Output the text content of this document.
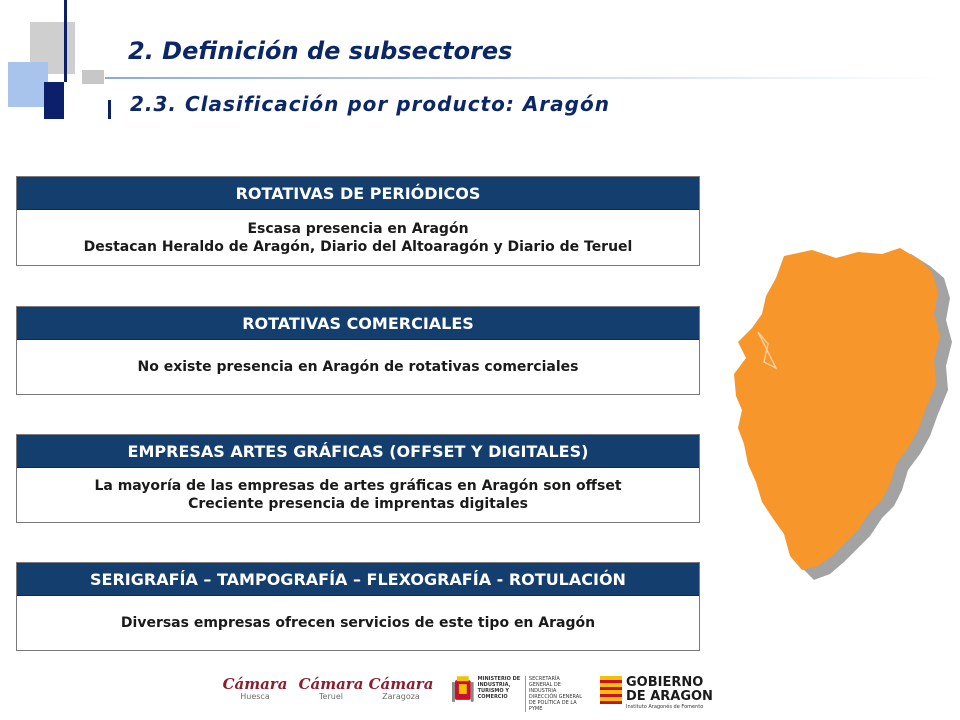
2. Definición de subsectores
2.3. Clasificación por producto: Aragón
ROTATIVAS DE PERIÓDICOS
Escasa presencia en Aragón
Destacan Heraldo de Aragón, Diario del Altoaragón y Diario de Teruel
ROTATIVAS COMERCIALES
No existe presencia en Aragón de rotativas comerciales
EMPRESAS ARTES GRÁFICAS (OFFSET Y DIGITALES)
La mayoría de las empresas de artes gráficas en Aragón son offset
Creciente presencia de imprentas digitales
SERIGRAFÍA – TAMPOGRAFÍA – FLEXOGRAFÍA - ROTULACIÓN
Diversas empresas ofrecen servicios de este tipo en Aragón
Cámara
Huesca
Cámara
Teruel
Cámara
Zaragoza
MINISTERIO DE INDUSTRIA, TURISMO Y COMERCIO
SECRETARÍA GENERAL DE INDUSTRIA
DIRECCIÓN GENERAL DE POLÍTICA DE LA PYME
GOBIERNO
DE ARAGON
Instituto Aragonés de Fomento
